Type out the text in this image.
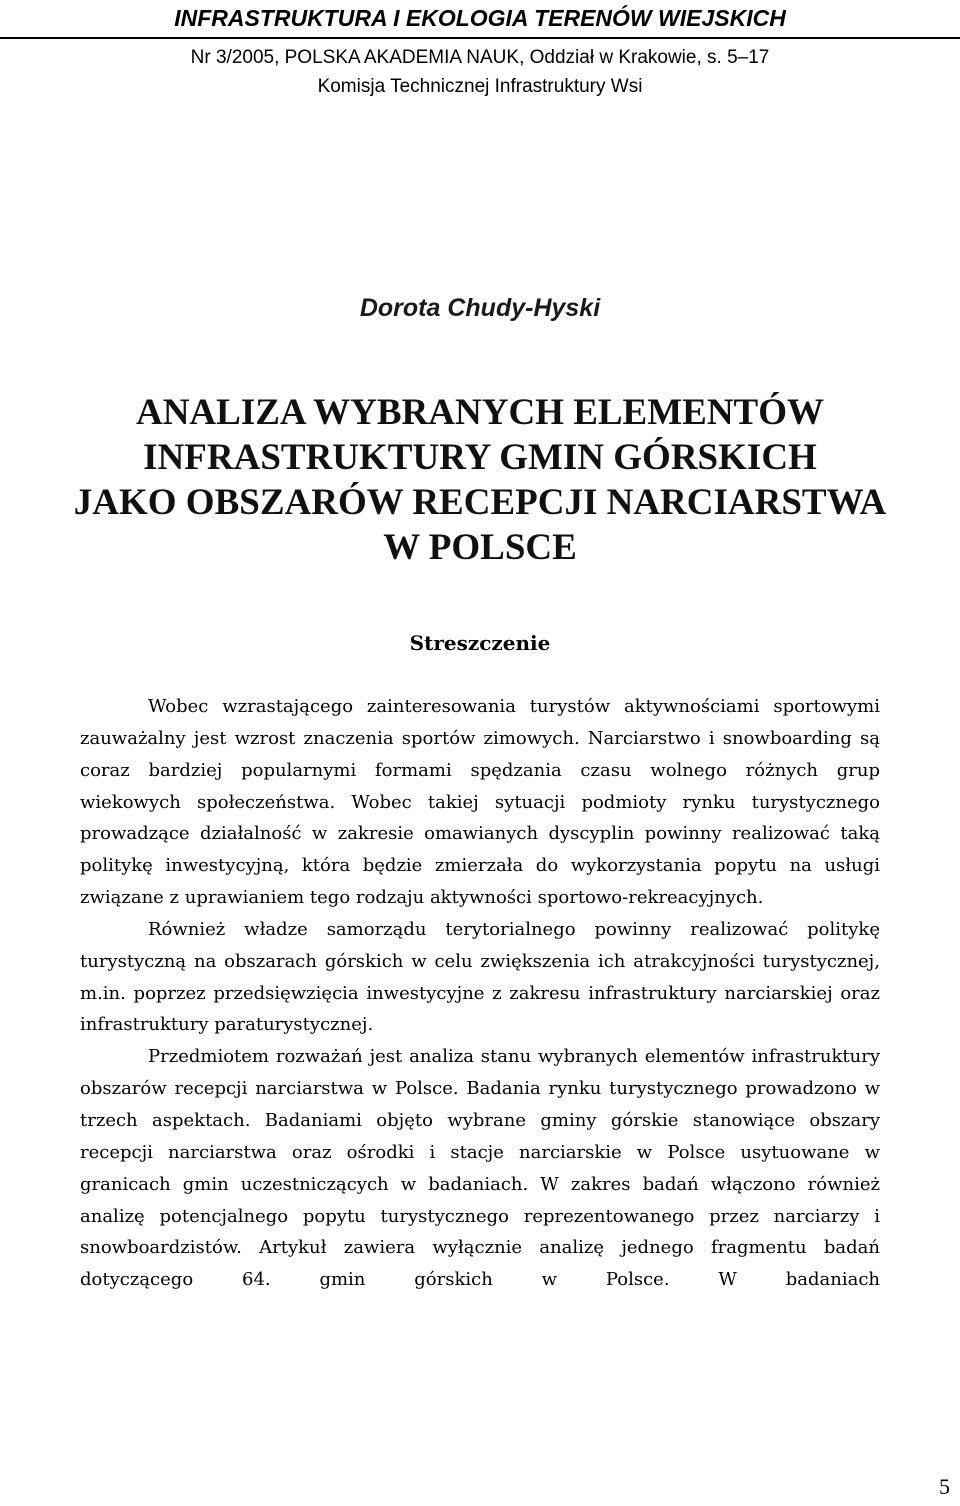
INFRASTRUKTURA I EKOLOGIA TERENÓW WIEJSKICH
Nr 3/2005, POLSKA AKADEMIA NAUK, Oddział w Krakowie, s. 5–17
Komisja Technicznej Infrastruktury Wsi
Dorota Chudy-Hyski
ANALIZA WYBRANYCH ELEMENTÓW
INFRASTRUKTURY GMIN GÓRSKICH
JAKO OBSZARÓW RECEPCJI NARCIARSTWA
W POLSCE
Streszczenie

Wobec wzrastającego zainteresowania turystów aktywnościami sportowymi zauważalny jest wzrost znaczenia sportów zimowych. Narciarstwo i snowboarding są coraz bardziej popularnymi formami spędzania czasu wolnego różnych grup wiekowych społeczeństwa. Wobec takiej sytuacji podmioty rynku turystycznego prowadzące działalność w zakresie omawianych dyscyplin powinny realizować taką politykę inwestycyjną, która będzie zmierzała do wykorzystania popytu na usługi związane z uprawianiem tego rodzaju aktywności sportowo-rekreacyjnych.

Również władze samorządu terytorialnego powinny realizować politykę turystyczną na obszarach górskich w celu zwiększenia ich atrakcyjności turystycznej, m.in. poprzez przedsięwzięcia inwestycyjne z zakresu infrastruktury narciarskiej oraz infrastruktury paraturystycznej.

Przedmiotem rozważań jest analiza stanu wybranych elementów infrastruktury obszarów recepcji narciarstwa w Polsce. Badania rynku turystycznego prowadzono w trzech aspektach. Badaniami objęto wybrane gminy górskie stanowiące obszary recepcji narciarstwa oraz ośrodki i stacje narciarskie w Polsce usytuowane w granicach gmin uczestniczących w badaniach. W zakres badań włączono również analizę potencjalnego popytu turystycznego reprezentowanego przez narciarzy i snowboardzistów. Artykuł zawiera wyłącznie analizę jednego fragmentu badań dotyczącego 64. gmin górskich w Polsce. W badaniach

5
